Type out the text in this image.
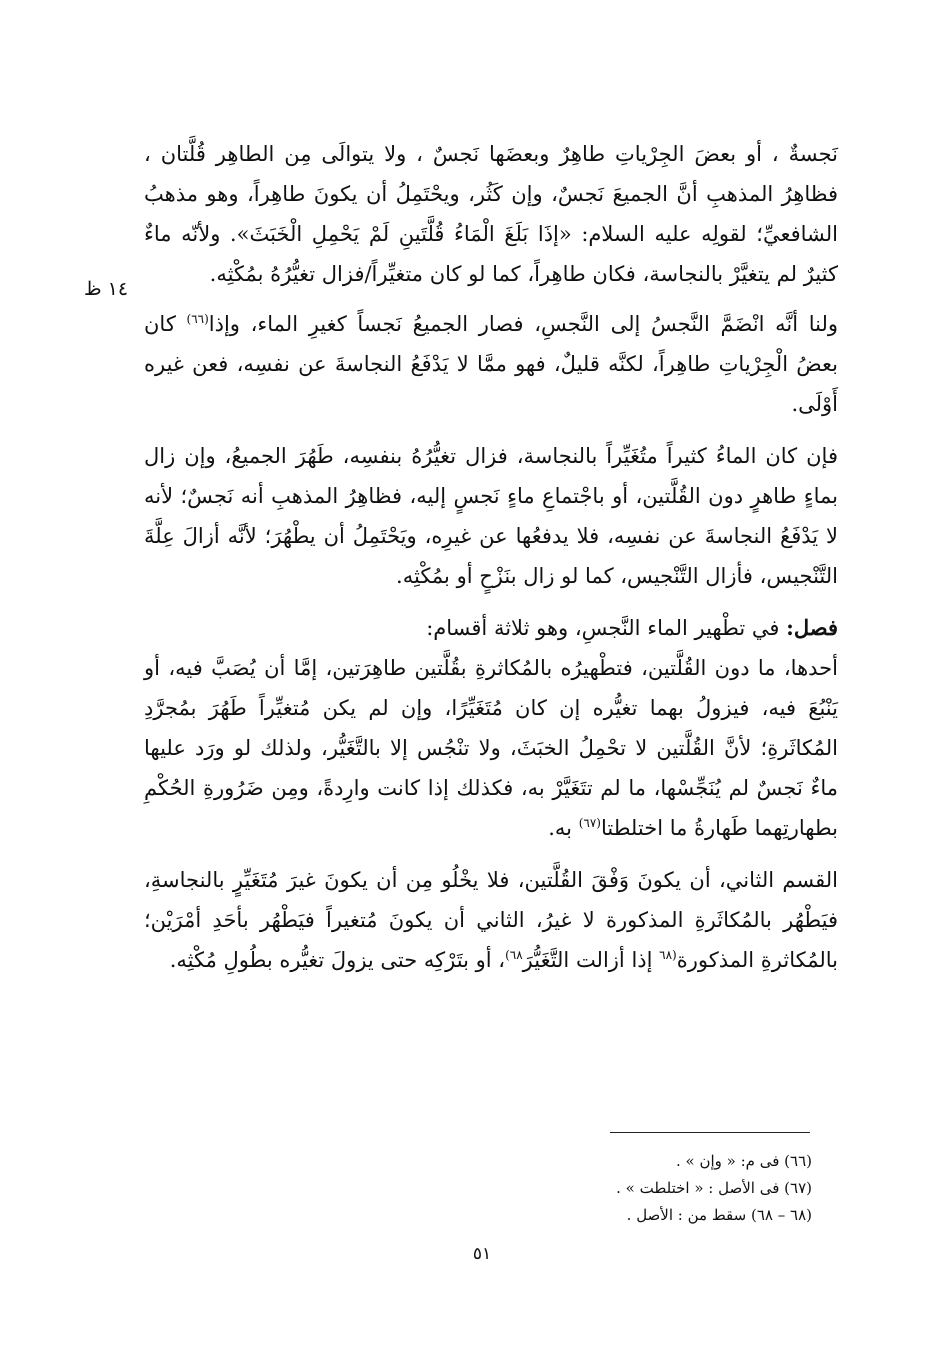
١٤ ظ

نَجسةٌ ، أو بعضَ الجِرْياتِ طاهِرٌ وبعضَها نَجسٌ ، ولا يتوالَى مِن الطاهِر قُلَّتان ، فظاهِرُ المذهبِ أنَّ الجميعَ نَجسٌ، وإن كَثُر، ويحْتَمِلُ أن يكونَ طاهِراً، وهو مذهبُ الشافعيِّ؛ لقولِه عليه السلام: «إذَا بَلَغَ الْمَاءُ قُلَّتَينِ لَمْ يَحْمِلِ الْخَبَثَ». ولأنّه ماءٌ كثيرٌ لم يتغيَّرْ بالنجاسة، فكان طاهِراً، كما لو كان متغيِّراً/فزال تغيُّرُهُ بمُكْثِه.

ولنا أنَّه انْضَمَّ النَّجسُ إلى النَّجسِ، فصار الجميعُ نَجساً كغيرِ الماء، وإذا$^{(٦٦)}$ كان بعضُ الْجِرْياتِ طاهِراً، لكنَّه قليلٌ، فهو ممَّا لا يَدْفَعُ النجاسةَ عن نفسِه، فعن غيره أَوْلَى.

فإن كان الماءُ كثيراً متُغَيِّراً بالنجاسة، فزال تغيُّرُهُ بنفسِه، طَهُرَ الجميعُ، وإن زال بماءٍ طاهرٍ دون القُلَّتين، أو باجْتماعِ ماءٍ نَجسٍ إليه، فظاهِرُ المذهبِ أنه نَجسٌ؛ لأنه لا يَدْفَعُ النجاسةَ عن نفسِه، فلا يدفعُها عن غيرِه، ويَحْتَمِلُ أن يطْهُرَ؛ لأنَّه أزالَ عِلَّةَ التَّنْجيس، فأزال التَّنْجيس، كما لو زال بنَزْحٍ أو بمُكْثِه.

فصل: في تطْهير الماء النَّجسِ، وهو ثلاثة أقسام:

أحدها، ما دون القُلَّتين، فتطْهيرُه بالمُكاثرةِ بقُلَّتين طاهِرَتين، إمَّا أن يُصَبَّ فيه، أو يَنْبُعَ فيه، فيزولُ بهما تغيُّره إن كان مُتَغَيِّرًا، وإن لم يكن مُتغيِّراً طَهُرَ بمُجرَّدِ المُكاثَرةِ؛ لأنَّ القُلَّتين لا تحْمِلُ الخبَثَ، ولا تنْجُس إلا بالتَّغَيُّر، ولذلك لو ورَد عليها ماءٌ نَجسٌ لم يُنَجِّسْها، ما لم تتَغَيَّرْ به، فكذلك إذا كانت وارِدةً، ومِن ضَرُورةِ الحُكْمِ بطهارتِهما طَهارةُ ما اختلطتا$^{(٦٧)}$ به.

القسم الثاني، أن يكونَ وَفْقَ القُلَّتين، فلا يخْلُو مِن أن يكونَ غيرَ مُتَغَيِّرٍ بالنجاسةِ، فيَطْهُر بالمُكاثَرةِ المذكورة لا غيرُ، الثاني أن يكونَ مُتغيراً فيَطْهُر بأحَدِ أمْرَيْن؛ بالمُكاثرةِ المذكورة$^{(٦٨}$ إذا أزالت التَّغَيُّرَ$^{٦٨)}$، أو بتَرْكِه حتى يزولَ تغيُّره بطُولِ مُكْثِه.

(٦٦) فى م: « وإن » .
(٦٧) فى الأصل : « اختلطت » .
(٦٨ – ٦٨) سقط من : الأصل .
٥١
